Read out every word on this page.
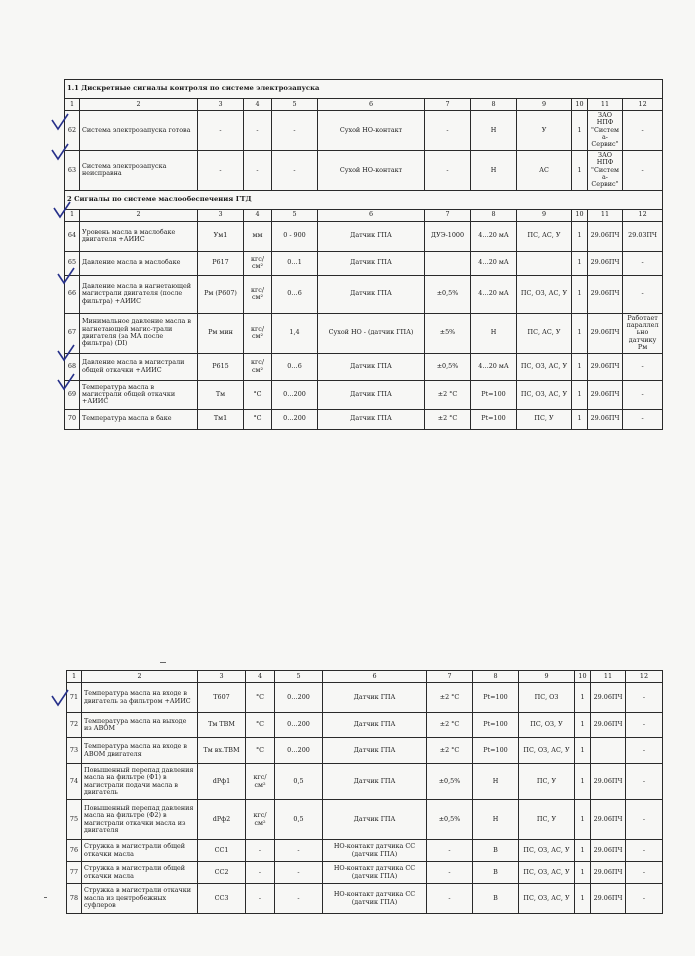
1.1 Дискретные сигналы контроля по системе электрозапуска											
1	2	3	4	5	6	7	8	9	10	11	12
62	Система электрозапуска готова	-	-	-	Сухой НО-контакт	-	Н	У	1	ЗАО НПФ "Система-Сервис"	-
63	Система электрозапуска неисправна	-	-	-	Сухой НО-контакт	-	Н	АС	1	ЗАО НПФ "Система-Сервис"	-
2 Сигналы по системе маслообеспечения ГТД											
1	2	3	4	5	6	7	8	9	10	11	12
64	Уровень масла в маслобаке двигателя +АИИС	Ум1	мм	0 - 900	Датчик ГПА	ДУЭ-1000	4…20 мА	ПС, АС, У	1	29.06ПЧ	29.03ПЧ
65	Давление масла в маслобаке	Р617	кгс/см²	0…1	Датчик ГПА		4…20 мА		1	29.06ПЧ	-
66	Давление масла в нагнетающей магистрали двигателя (после фильтра) +АИИС	Рм (Р607)	кгс/см²	0…6	Датчик ГПА	±0,5%	4…20 мА	ПС, ОЗ, АС, У	1	29.06ПЧ	-
67	Минимальное давление масла в нагнетающей магис-трали двигателя (за МА после фильтра) (DI)	Рм мин	кгс/см²	1,4	Сухой НО - (датчик ГПА)	±5%	Н	ПС, АС, У	1	29.06ПЧ	Работает параллельно датчику Рм
68	Давление масла в магистрали общей откачки +АИИС	Р615	кгс/см²	0…6	Датчик ГПА	±0,5%	4…20 мА	ПС, ОЗ, АС, У	1	29.06ПЧ	-
69	Температура масла в магистрали общей откачки +АИИС	Тм	°С	0…200	Датчик ГПА	±2 °С	Рt=100	ПС, ОЗ, АС, У	1	29.06ПЧ	-
70	Температура масла в баке	Тм1	°С	0…200	Датчик ГПА	±2 °С	Рt=100	ПС, У	1	29.06ПЧ	-
1	2	3	4	5	6	7	8	9	10	11	12
71	Температура масла на входе в двигатель за фильтром +АИИС	Т607	°С	0…200	Датчик ГПА	±2 °С	Рt=100	ПС, ОЗ	1	29.06ПЧ	-
72	Температура масла на выходе из АВОМ	Тм ТВМ	°С	0…200	Датчик ГПА	±2 °С	Рt=100	ПС, ОЗ, У	1	29.06ПЧ	-
73	Температура масла на входе в АВОМ двигателя	Тм вх.ТВМ	°С	0…200	Датчик ГПА	±2 °С	Рt=100	ПС, ОЗ, АС, У	1		-
74	Повышенный перепад давления масла на фильтре (Ф1) в магистрали подачи масла в двигатель	dPф1	кгс/см²	0,5	Датчик ГПА	±0,5%	Н	ПС, У	1	29.06ПЧ	-
75	Повышенный перепад давления масла на фильтре (Ф2) в магистрали откачки масла из двигателя	dPф2	кгс/см²	0,5	Датчик ГПА	±0,5%	Н	ПС, У	1	29.06ПЧ	-
76	Стружка в магистрали общей откачки масла	СС1	-	-	НО-контакт датчика СС (датчик ГПА)	-	В	ПС, ОЗ, АС, У	1	29.06ПЧ	-
77	Стружка в магистрали общей откачки масла	СС2	-	-	НО-контакт датчика СС (датчик ГПА)	-	В	ПС, ОЗ, АС, У	1	29.06ПЧ	-
78	Стружка в магистрали откачки масла из центробежных суфлеров	СС3	-	-	НО-контакт датчика СС (датчик ГПА)	-	В	ПС, ОЗ, АС, У	1	29.06ПЧ	-
